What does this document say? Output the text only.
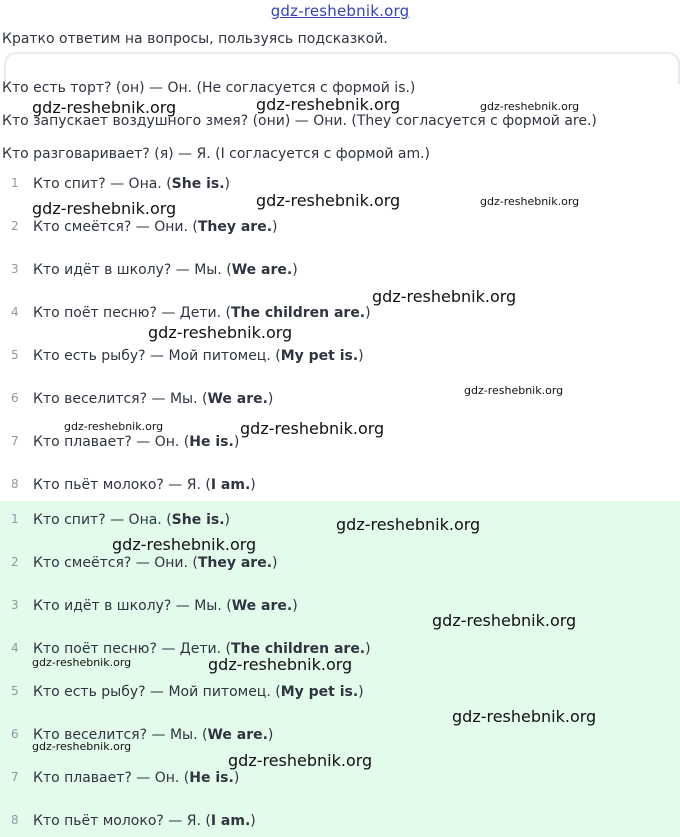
gdz-reshebnik.org
Кратко ответим на вопросы, пользуясь подсказкой.
Кто есть торт? (он) — Он. (Не согласуется с формой is.)
Кто запускает воздушного змея? (они) — Они. (They согласуется с формой are.)
Кто разговаривает? (я) — Я. (I согласуется с формой am.)
1 Кто спит? — Она. (She is.)
2 Кто смеётся? — Они. (They are.)
3 Кто идёт в школу? — Мы. (We are.)
4 Кто поёт песню? — Дети. (The children are.)
5 Кто есть рыбу? — Мой питомец. (My pet is.)
6 Кто веселится? — Мы. (We are.)
7 Кто плавает? — Он. (He is.)
8 Кто пьёт молоко? — Я. (I am.)
1 Кто спит? — Она. (She is.)
2 Кто смеётся? — Они. (They are.)
3 Кто идёт в школу? — Мы. (We are.)
4 Кто поёт песню? — Дети. (The children are.)
5 Кто есть рыбу? — Мой питомец. (My pet is.)
6 Кто веселится? — Мы. (We are.)
7 Кто плавает? — Он. (He is.)
8 Кто пьёт молоко? — Я. (I am.)
gdz-reshebnik.org	gdz-reshebnik.org	gdz-reshebnik.org
gdz-reshebnik.org	gdz-reshebnik.org	gdz-reshebnik.org
gdz-reshebnik.org
gdz-reshebnik.org
gdz-reshebnik.org
gdz-reshebnik.org	gdz-reshebnik.org
gdz-reshebnik.org
gdz-reshebnik.org
gdz-reshebnik.org
gdz-reshebnik.org	gdz-reshebnik.org
gdz-reshebnik.org
gdz-reshebnik.org
gdz-reshebnik.org
